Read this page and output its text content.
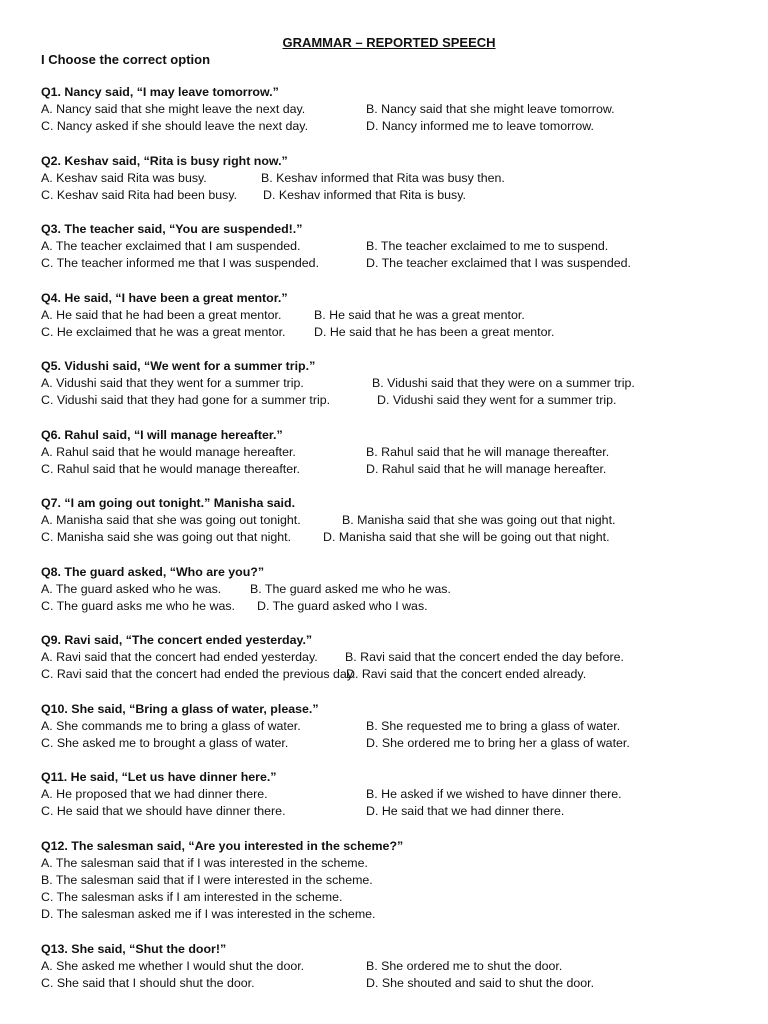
GRAMMAR – REPORTED SPEECH
I Choose the correct option
Q1. Nancy said, “I may leave tomorrow.”
A. Nancy said that she might leave the next day.	B. Nancy said that she might leave tomorrow.
C. Nancy asked if she should leave the next day.	D. Nancy informed me to leave tomorrow.
Q2. Keshav said, “Rita is busy right now.”
A. Keshav said Rita was busy.	B. Keshav informed that Rita was busy then.
C. Keshav said Rita had been busy. D. Keshav informed that Rita is busy.
Q3. The teacher said, “You are suspended!.”
A. The teacher exclaimed that I am suspended.	B. The teacher exclaimed to me to suspend.
C. The teacher informed me that I was suspended.	D. The teacher exclaimed that I was suspended.
Q4. He said, “I have been a great mentor.”
A. He said that he had been a great mentor.	B. He said that he was a great mentor.
C. He exclaimed that he was a great mentor. D. He said that he has been a great mentor.
Q5. Vidushi said, “We went for a summer trip.”
A. Vidushi said that they went for a summer trip.	B. Vidushi said that they were on a summer trip.
C. Vidushi said that they had gone for a summer trip.	D. Vidushi said they went for a summer trip.
Q6. Rahul said, “I will manage hereafter.”
A. Rahul said that he would manage hereafter.	B. Rahul said that he will manage thereafter.
C. Rahul said that he would manage thereafter.	D. Rahul said that he will manage hereafter.
Q7. “I am going out tonight.” Manisha said.
A. Manisha said that she was going out tonight.	B. Manisha said that she was going out that night.
C. Manisha said she was going out that night.	D. Manisha said that she will be going out that night.
Q8. The guard asked, “Who are you?”
A. The guard asked who he was. B. The guard asked me who he was.
C. The guard asks me who he was. D. The guard asked who I was.
Q9. Ravi said, “The concert ended yesterday.”
A. Ravi said that the concert had ended yesterday. B. Ravi said that the concert ended the day before.
C. Ravi said that the concert had ended the previous day.
D. Ravi said that the concert ended already.
Q10. She said, “Bring a glass of water, please.”
A. She commands me to bring a glass of water.	B. She requested me to bring a glass of water.
C. She asked me to brought a glass of water.	D. She ordered me to bring her a glass of water.
Q11. He said, “Let us have dinner here.”
A. He proposed that we had dinner there.	B. He asked if we wished to have dinner there.
C. He said that we should have dinner there.	D. He said that we had dinner there.
Q12. The salesman said, “Are you interested in the scheme?”
A. The salesman said that if I was interested in the scheme.
B. The salesman said that if I were interested in the scheme.
C. The salesman asks if I am interested in the scheme.
D. The salesman asked me if I was interested in the scheme.
Q13. She said, “Shut the door!”
A. She asked me whether I would shut the door.	B. She ordered me to shut the door.
C. She said that I should shut the door.	D. She shouted and said to shut the door.
